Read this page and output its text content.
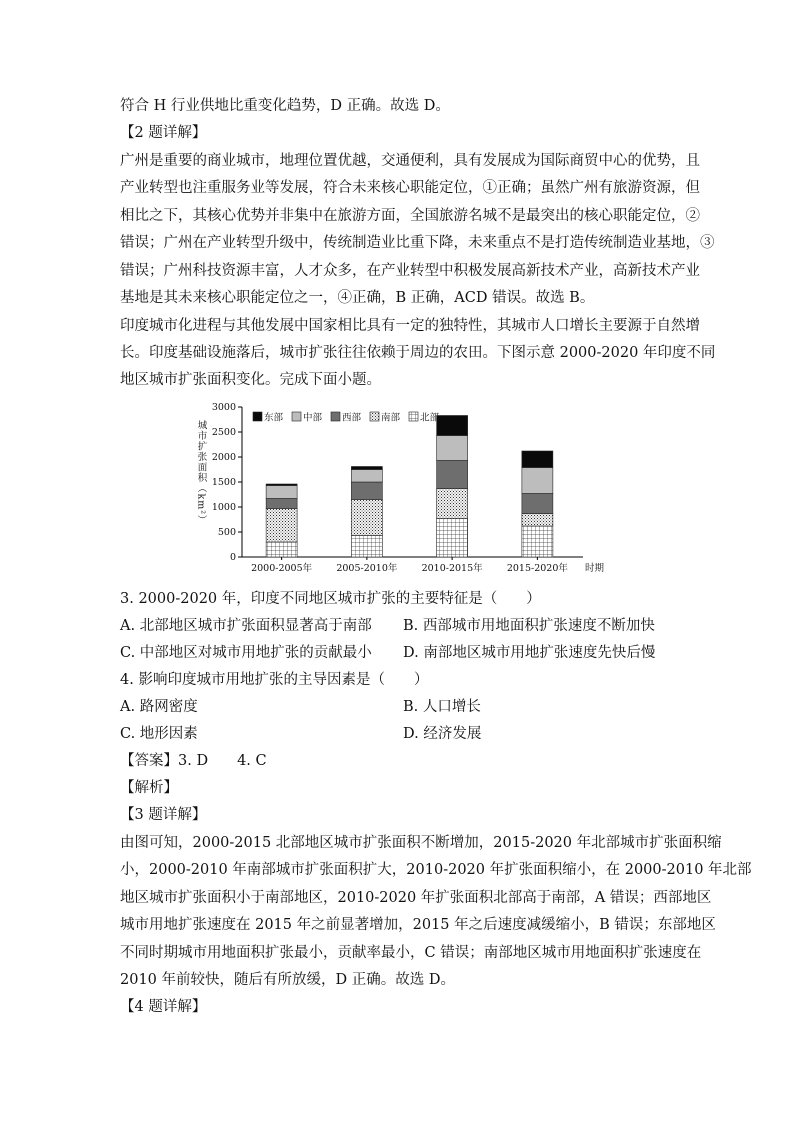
符合 H 行业供地比重变化趋势，D 正确。故选 D。
【2 题详解】
广州是重要的商业城市，地理位置优越，交通便利，具有发展成为国际商贸中心的优势，且
产业转型也注重服务业等发展，符合未来核心职能定位，①正确；虽然广州有旅游资源，但
相比之下，其核心优势并非集中在旅游方面，全国旅游名城不是最突出的核心职能定位，②
错误；广州在产业转型升级中，传统制造业比重下降，未来重点不是打造传统制造业基地，③
错误；广州科技资源丰富，人才众多，在产业转型中积极发展高新技术产业，高新技术产业
基地是其未来核心职能定位之一，④正确，B 正确，ACD 错误。故选 B。
印度城市化进程与其他发展中国家相比具有一定的独特性，其城市人口增长主要源于自然增
长。印度基础设施落后，城市扩张往往依赖于周边的农田。下图示意 2000-2020 年印度不同
地区城市扩张面积变化。完成下面小题。
0
500
1000
1500
2000
2500
3000
城市扩张面积（km²）
2000-2005年	2005-2010年	2010-2015年	2015-2020年 时期
东部 中部 西部 南部 北部
3. 2000-2020 年，印度不同地区城市扩张的主要特征是（　　）
A. 北部地区城市扩张面积显著高于南部 B. 西部城市用地面积扩张速度不断加快
C. 中部地区对城市用地扩张的贡献最小 D. 南部地区城市用地扩张速度先快后慢
4. 影响印度城市用地扩张的主导因素是（　　）
A. 路网密度	B. 人口增长
C. 地形因素	D. 经济发展
【答案】3. D　　4. C
【解析】
【3 题详解】
由图可知，2000-2015 北部地区城市扩张面积不断增加，2015-2020 年北部城市扩张面积缩
小，2000-2010 年南部城市扩张面积扩大，2010-2020 年扩张面积缩小，在 2000-2010 年北部
地区城市扩张面积小于南部地区，2010-2020 年扩张面积北部高于南部，A 错误；西部地区
城市用地扩张速度在 2015 年之前显著增加，2015 年之后速度减缓缩小，B 错误；东部地区
不同时期城市用地面积扩张最小，贡献率最小，C 错误；南部地区城市用地面积扩张速度在
2010 年前较快，随后有所放缓，D 正确。故选 D。
【4 题详解】
